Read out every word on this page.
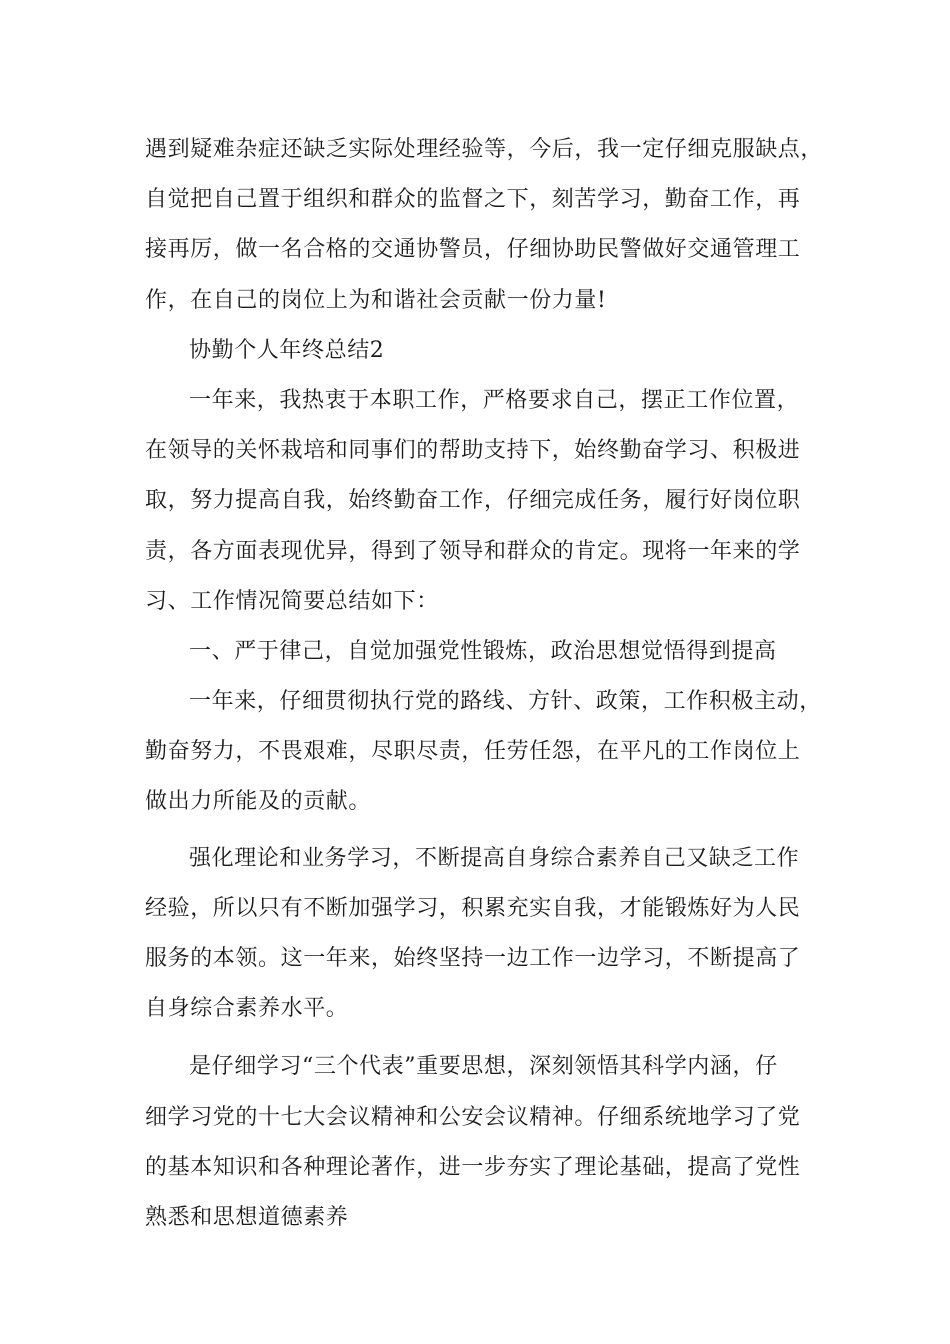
遇到疑难杂症还缺乏实际处理经验等，今后，我一定仔细克服缺点，
自觉把自己置于组织和群众的监督之下，刻苦学习，勤奋工作，再
接再厉，做一名合格的交通协警员，仔细协助民警做好交通管理工
作，在自己的岗位上为和谐社会贡献一份力量!
协勤个人年终总结2
一年来，我热衷于本职工作，严格要求自己，摆正工作位置，
在领导的关怀栽培和同事们的帮助支持下，始终勤奋学习、积极进
取，努力提高自我，始终勤奋工作，仔细完成任务，履行好岗位职
责，各方面表现优异，得到了领导和群众的肯定。现将一年来的学
习、工作情况简要总结如下：
一、严于律己，自觉加强党性锻炼，政治思想觉悟得到提高
一年来，仔细贯彻执行党的路线、方针、政策，工作积极主动，
勤奋努力，不畏艰难，尽职尽责，任劳任怨，在平凡的工作岗位上
做出力所能及的贡献。
强化理论和业务学习，不断提高自身综合素养自己又缺乏工作
经验，所以只有不断加强学习，积累充实自我，才能锻炼好为人民
服务的本领。这一年来，始终坚持一边工作一边学习，不断提高了
自身综合素养水平。
是仔细学习“三个代表”重要思想，深刻领悟其科学内涵，仔
细学习党的十七大会议精神和公安会议精神。仔细系统地学习了党
的基本知识和各种理论著作，进一步夯实了理论基础，提高了党性
熟悉和思想道德素养
